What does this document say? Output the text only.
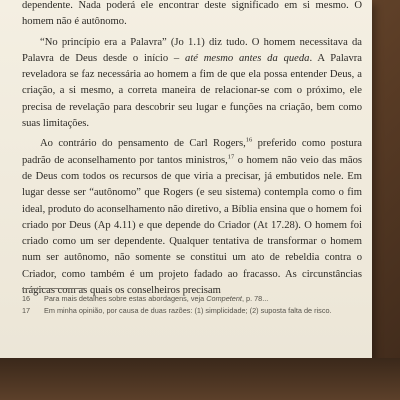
dependente. Nada poderá ele encontrar deste significado em si mesmo. O homem não é autônomo.

“No princípio era a Palavra” (Jo 1.1) diz tudo. O homem necessitava da Palavra de Deus desde o início – até mesmo antes da queda. A Palavra reveladora se faz necessária ao homem a fim de que ela possa entender Deus, a criação, a si mesmo, a correta maneira de relacionar-se com o próximo, ele precisa de revelação para descobrir seu lugar e funções na criação, bem como suas limitações.

Ao contrário do pensamento de Carl Rogers,$^{16}$ preferido como postura padrão de aconselhamento por tantos ministros,$^{17}$ o homem não veio das mãos de Deus com todos os recursos de que viria a precisar, já embutidos nele. Em lugar desse ser “autônomo” que Rogers (e seu sistema) contempla como o fim ideal, produto do aconselhamento não diretivo, a Bíblia ensina que o homem foi criado por Deus (Ap 4.11) e que depende do Criador (At 17.28). O homem foi criado como um ser dependente. Qualquer tentativa de transformar o homem num ser autônomo, não somente se constitui um ato de rebeldia contra o Criador, como também é um projeto fadado ao fracasso. As circunstâncias trágicas com as quais os conselheiros precisam

16	Para mais detalhes sobre estas abordagens, veja Competent, p. 78...
17	Em minha opinião, por causa de duas razões: (1) simplicidade; (2) suposta falta de risco.
